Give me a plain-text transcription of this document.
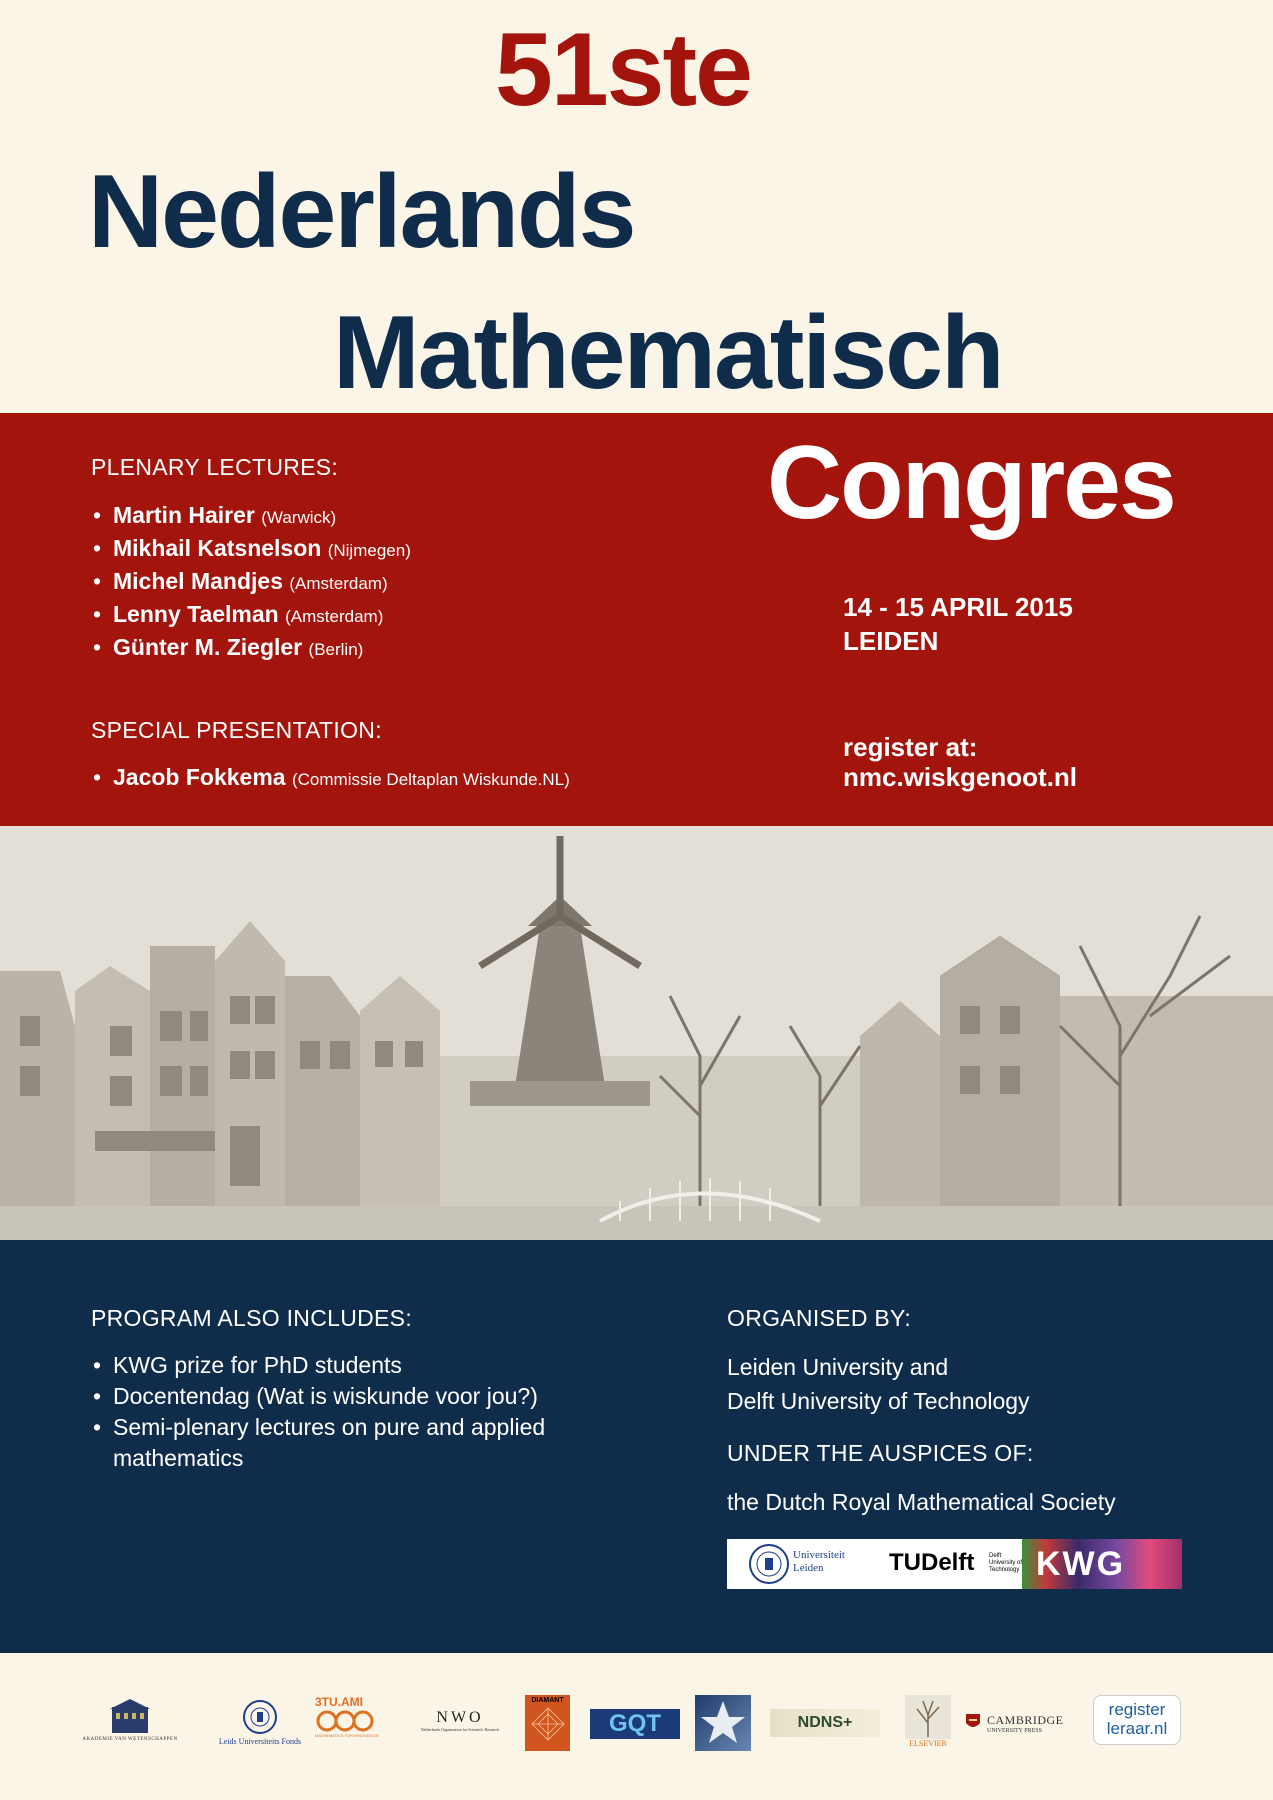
51ste
Nederlands
Mathematisch
Congres
PLENARY LECTURES:
• Martin Hairer (Warwick)
• Mikhail Katsnelson (Nijmegen)
• Michel Mandjes (Amsterdam)
• Lenny Taelman (Amsterdam)
• Günter M. Ziegler (Berlin)
SPECIAL PRESENTATION:
• Jacob Fokkema (Commissie Deltaplan Wiskunde.NL)
14 - 15 APRIL 2015
LEIDEN
register at:
nmc.wiskgenoot.nl
PROGRAM ALSO INCLUDES:
• KWG prize for PhD students
• Docentendag (Wat is wiskunde voor jou?)
• Semi-plenary lectures on pure and applied mathematics
ORGANISED BY:
Leiden University and
Delft University of Technology
UNDER THE AUSPICES OF:
the Dutch Royal Mathematical Society
Universiteit
Leiden	TUDelft Delft
University of
Technology KWG
AKADEMIE VAN WETENSCHAPPEN	Leids Universiteits Fonds
3TU.AMI
MATHEMATICS FOR INNOVATION
NWO
Netherlands Organisation for Scientific Research
DIAMANT
GQT	NDNS+
ELSEVIER
CAMBRIDGE
UNIVERSITY PRESS
register
leraar.nl
